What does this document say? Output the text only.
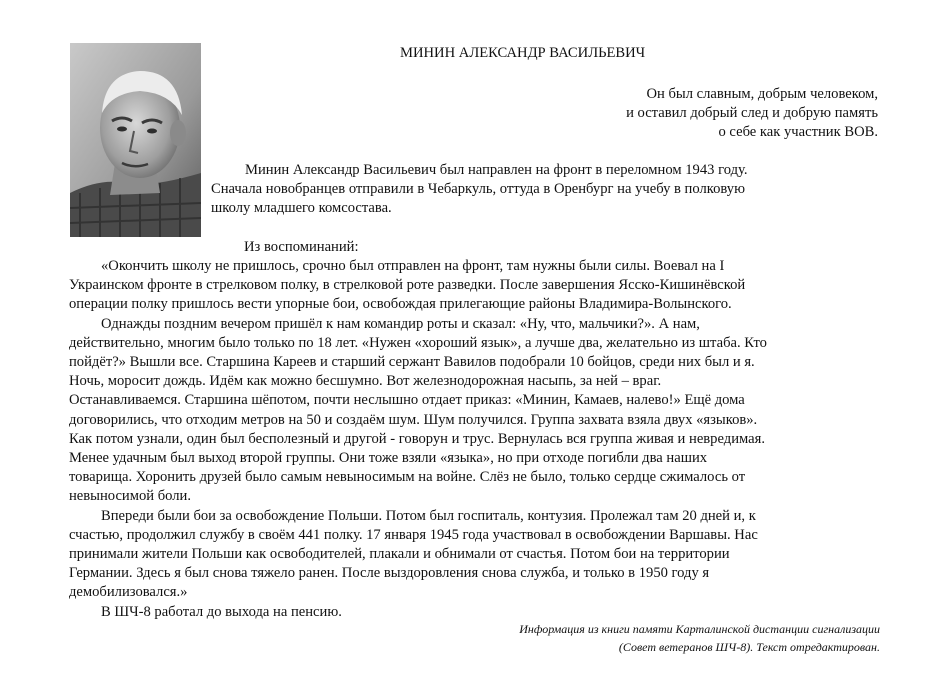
МИНИН АЛЕКСАНДР ВАСИЛЬЕВИЧ
Он был славным, добрым человеком,
и оставил добрый след и добрую память
о себе как участник ВОВ.
Минин Александр Васильевич был направлен на фронт в переломном 1943 году.
Сначала новобранцев отправили в Чебаркуль, оттуда в Оренбург на учебу в полковую
школу младшего комсостава.
Из воспоминаний:
«Окончить школу не пришлось, срочно был отправлен на фронт, там нужны были силы. Воевал на I
Украинском фронте в стрелковом полку, в стрелковой роте разведки. После завершения Ясско-Кишинёвской
операции полку пришлось вести упорные бои, освобождая прилегающие районы Владимира-Волынского.
Однажды поздним вечером пришёл к нам командир роты и сказал: «Ну, что, мальчики?». А нам,
действительно, многим было только по 18 лет. «Нужен «хороший язык», а лучше два, желательно из штаба. Кто
пойдёт?» Вышли все. Старшина Кареев и старший сержант Вавилов подобрали 10 бойцов, среди них был и я.
Ночь, моросит дождь. Идём как можно бесшумно. Вот железнодорожная насыпь, за ней – враг.
Останавливаемся. Старшина шёпотом, почти неслышно отдает приказ: «Минин, Камаев, налево!» Ещё дома
договорились, что отходим метров на 50 и создаём шум. Шум получился. Группа захвата взяла двух «языков».
Как потом узнали, один был бесполезный и другой - говорун и трус. Вернулась вся группа живая и невредимая.
Менее удачным был выход второй группы. Они тоже взяли «языка», но при отходе погибли два наших
товарища. Хоронить друзей было самым невыносимым на войне. Слёз не было, только сердце сжималось от
невыносимой боли.
Впереди были бои за освобождение Польши. Потом был госпиталь, контузия. Пролежал там 20 дней и, к
счастью, продолжил службу в своём 441 полку. 17 января 1945 года участвовал в освобождении Варшавы. Нас
принимали жители Польши как освободителей, плакали и обнимали от счастья. Потом бои на территории
Германии. Здесь я был снова тяжело ранен. После выздоровления снова служба, и только в 1950 году я
демобилизовался.»
В ШЧ-8 работал до выхода на пенсию.
Информация из книги памяти Карталинской дистанции сигнализации
(Совет ветеранов ШЧ-8). Текст отредактирован.
